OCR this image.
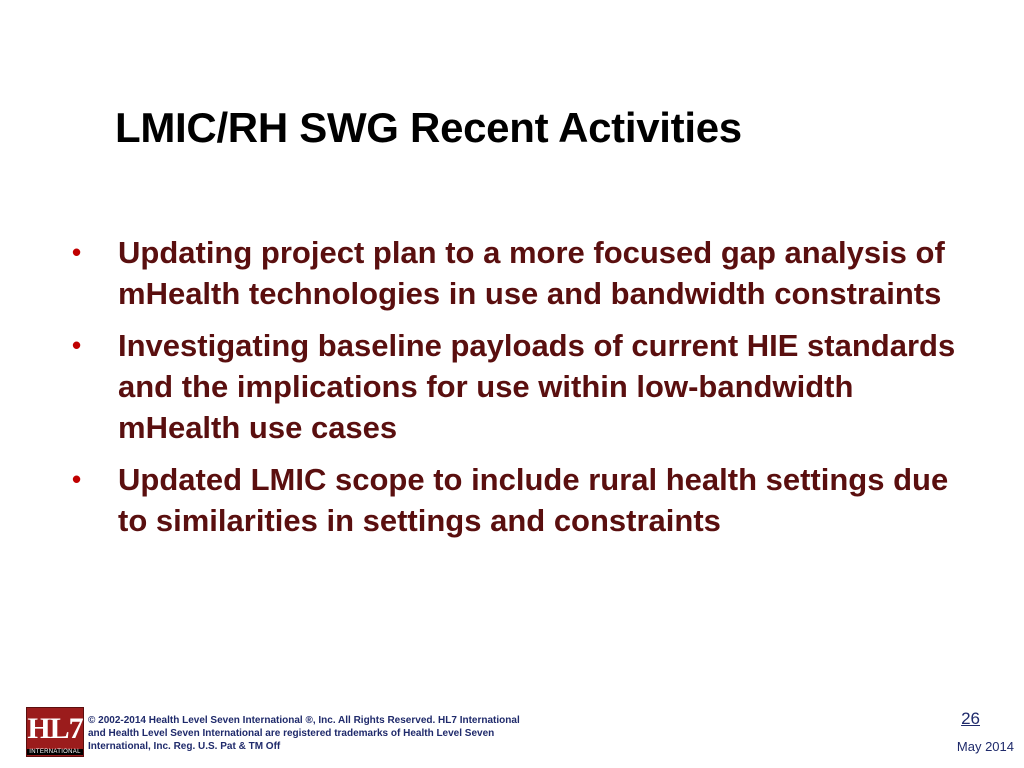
LMIC/RH SWG Recent Activities
• Updating project plan to a more focused gap analysis of mHealth technologies in use and bandwidth constraints
• Investigating baseline payloads of current HIE standards and the implications for use within low-bandwidth mHealth use cases
• Updated LMIC scope to include rural health settings due to similarities in settings and constraints
HL7
INTERNATIONAL
© 2002-2014 Health Level Seven International ®, Inc. All Rights Reserved. HL7 International and Health Level Seven International are registered trademarks of Health Level Seven International, Inc. Reg. U.S. Pat & TM Off
26
May 2014
